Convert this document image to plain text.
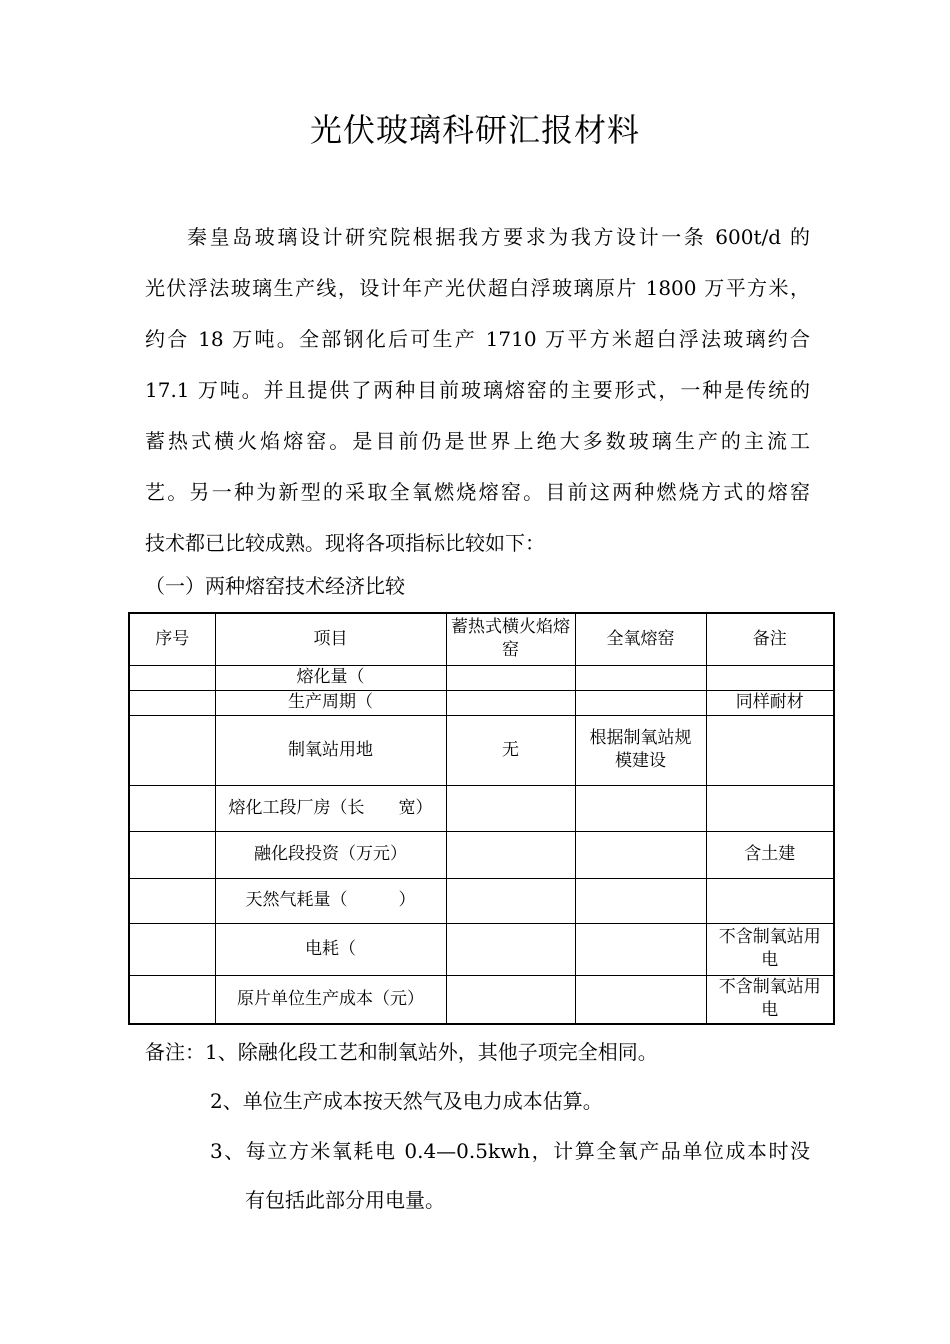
光伏玻璃科研汇报材料
秦皇岛玻璃设计研究院根据我方要求为我方设计一条 600t/d 的
光伏浮法玻璃生产线，设计年产光伏超白浮玻璃原片 1800 万平方米，
约合 18 万吨。全部钢化后可生产 1710 万平方米超白浮法玻璃约合
17.1 万吨。并且提供了两种目前玻璃熔窑的主要形式，一种是传统的
蓄热式横火焰熔窑。是目前仍是世界上绝大多数玻璃生产的主流工
艺。另一种为新型的采取全氧燃烧熔窑。目前这两种燃烧方式的熔窑
技术都已比较成熟。现将各项指标比较如下：
（一）两种熔窑技术经济比较
序号	项目	蓄热式横火焰熔窑	全氧熔窑	备注
	熔化量（			
	生产周期（			同样耐材
	制氧站用地	无	根据制氧站规模建设	
	熔化工段厂房（长　　宽）			
	融化段投资（万元）			含土建
	天然气耗量（　　　）			
	电耗（			不含制氧站用电
	原片单位生产成本（元）			不含制氧站用电
备注：1、除融化段工艺和制氧站外，其他子项完全相同。
2、单位生产成本按天然气及电力成本估算。
3、每立方米氧耗电 0.4—0.5kwh，计算全氧产品单位成本时没
有包括此部分用电量。
